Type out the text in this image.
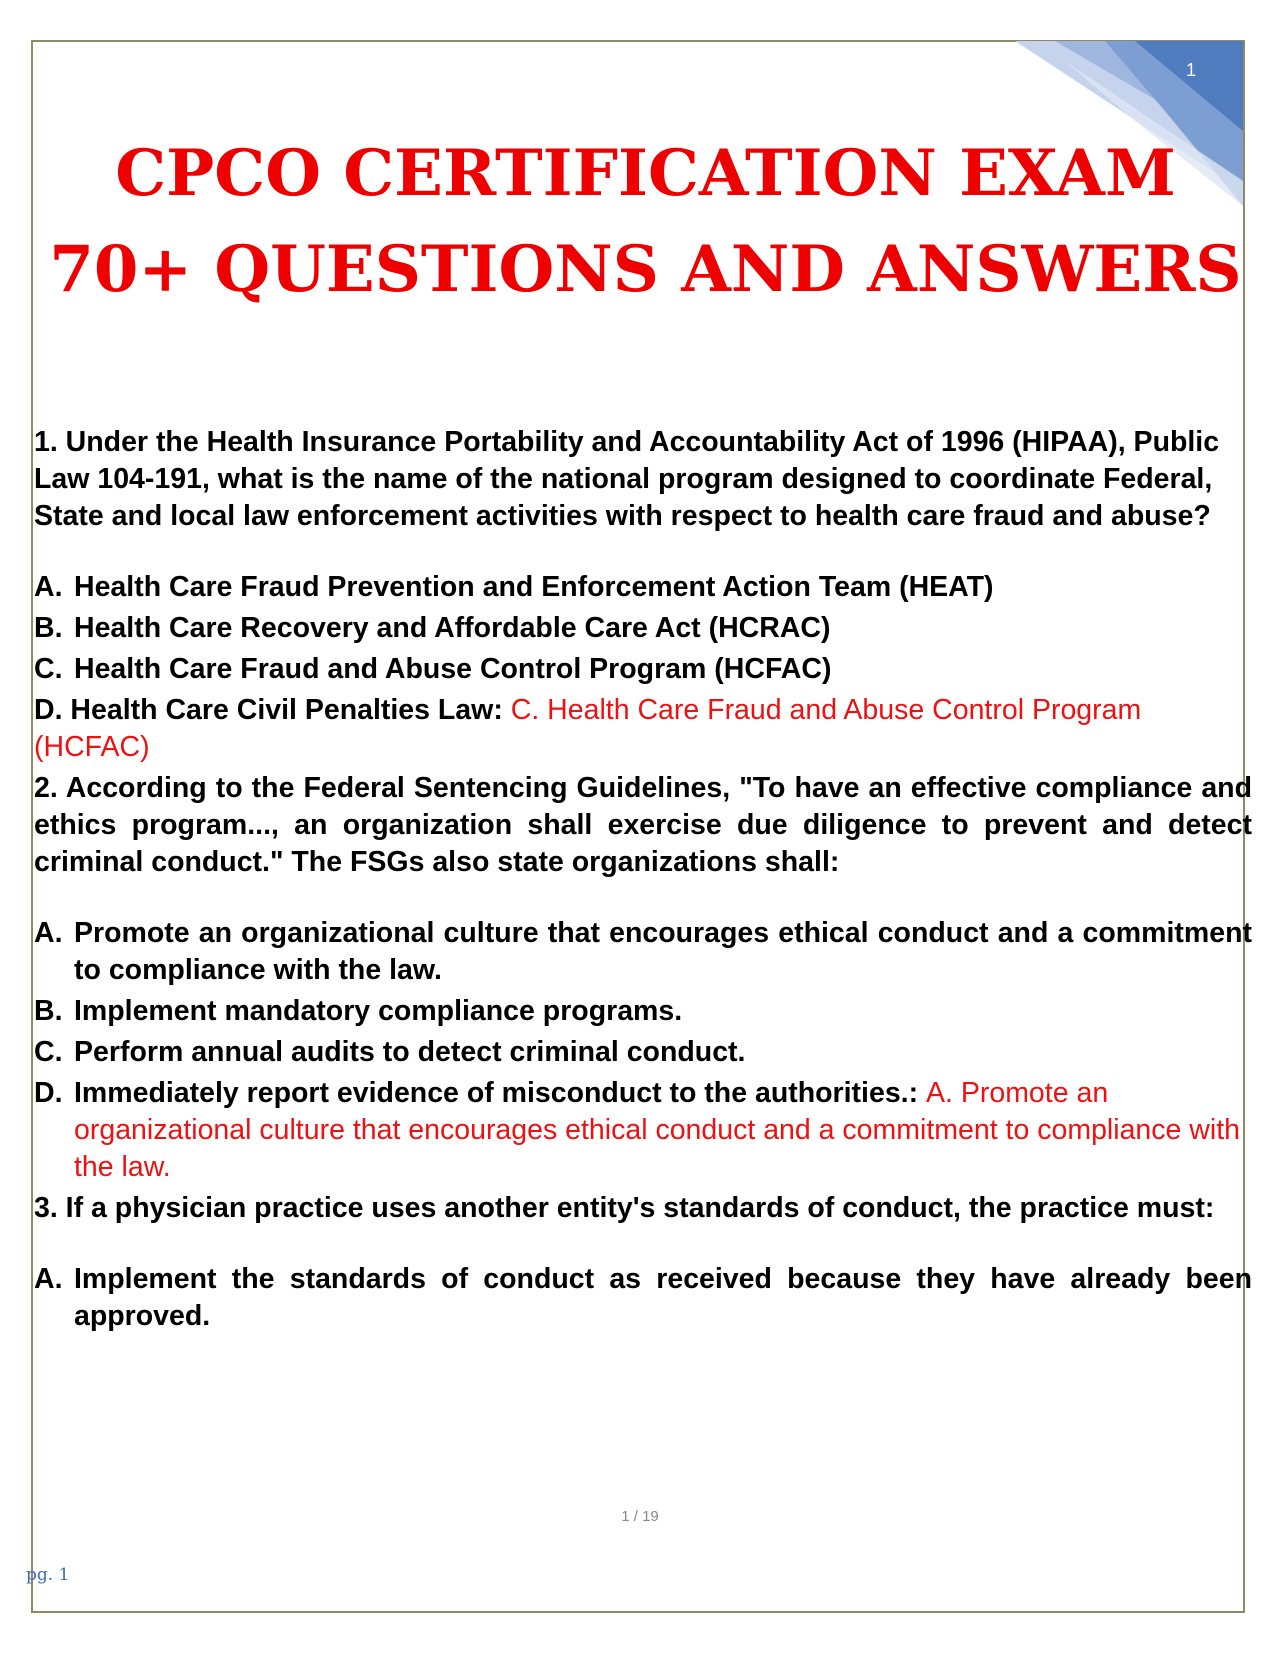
1
CPCO CERTIFICATION EXAM
70+ QUESTIONS AND ANSWERS

1. Under the Health Insurance Portability and Accountability Act of 1996 (HIPAA), Public Law 104-191, what is the name of the national program designed to coordinate Federal, State and local law enforcement activities with respect to health care fraud and abuse?

A. Health Care Fraud Prevention and Enforcement Action Team (HEAT)
B. Health Care Recovery and Affordable Care Act (HCRAC)
C. Health Care Fraud and Abuse Control Program (HCFAC)
D. Health Care Civil Penalties Law: C. Health Care Fraud and Abuse Control Program (HCFAC)

2. According to the Federal Sentencing Guidelines, "To have an effective compliance and ethics program..., an organization shall exercise due diligence to prevent and detect criminal conduct." The FSGs also state organizations shall:

A. Promote an organizational culture that encourages ethical conduct and a commitment to compliance with the law.
B. Implement mandatory compliance programs.
C. Perform annual audits to detect criminal conduct.
D. Immediately report evidence of misconduct to the authorities.: A. Promote an organizational culture that encourages ethical conduct and a commitment to compliance with the law.

3. If a physician practice uses another entity's standards of conduct, the practice must:

A. Implement the standards of conduct as received because they have already been approved.
1 / 19
pg. 1
